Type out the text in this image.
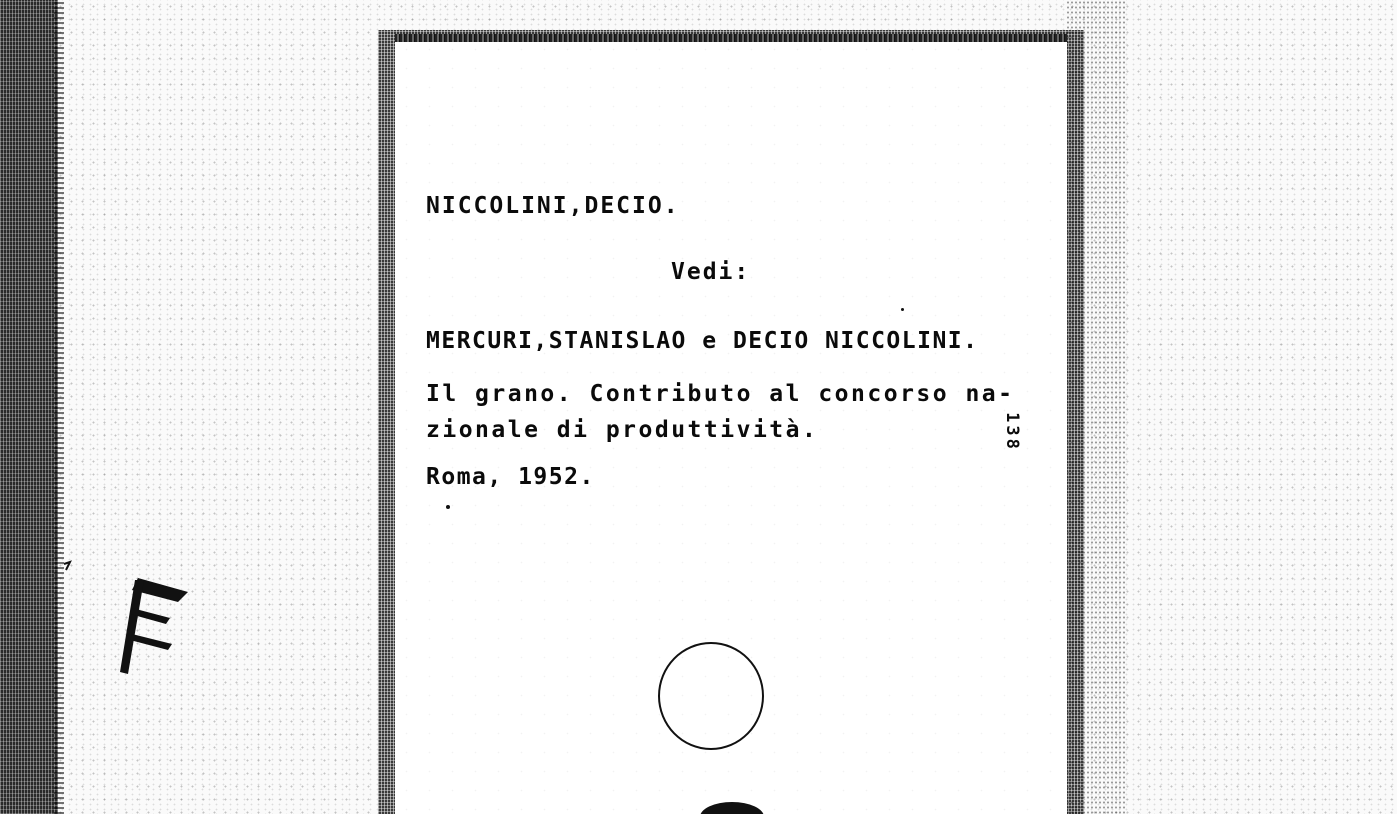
NICCOLINI,DECIO.

Vedi:

MERCURI,STANISLAO e DECIO NICCOLINI.

Il grano. Contributo al concorso na-

zionale di produttività.

Roma, 1952.

138
